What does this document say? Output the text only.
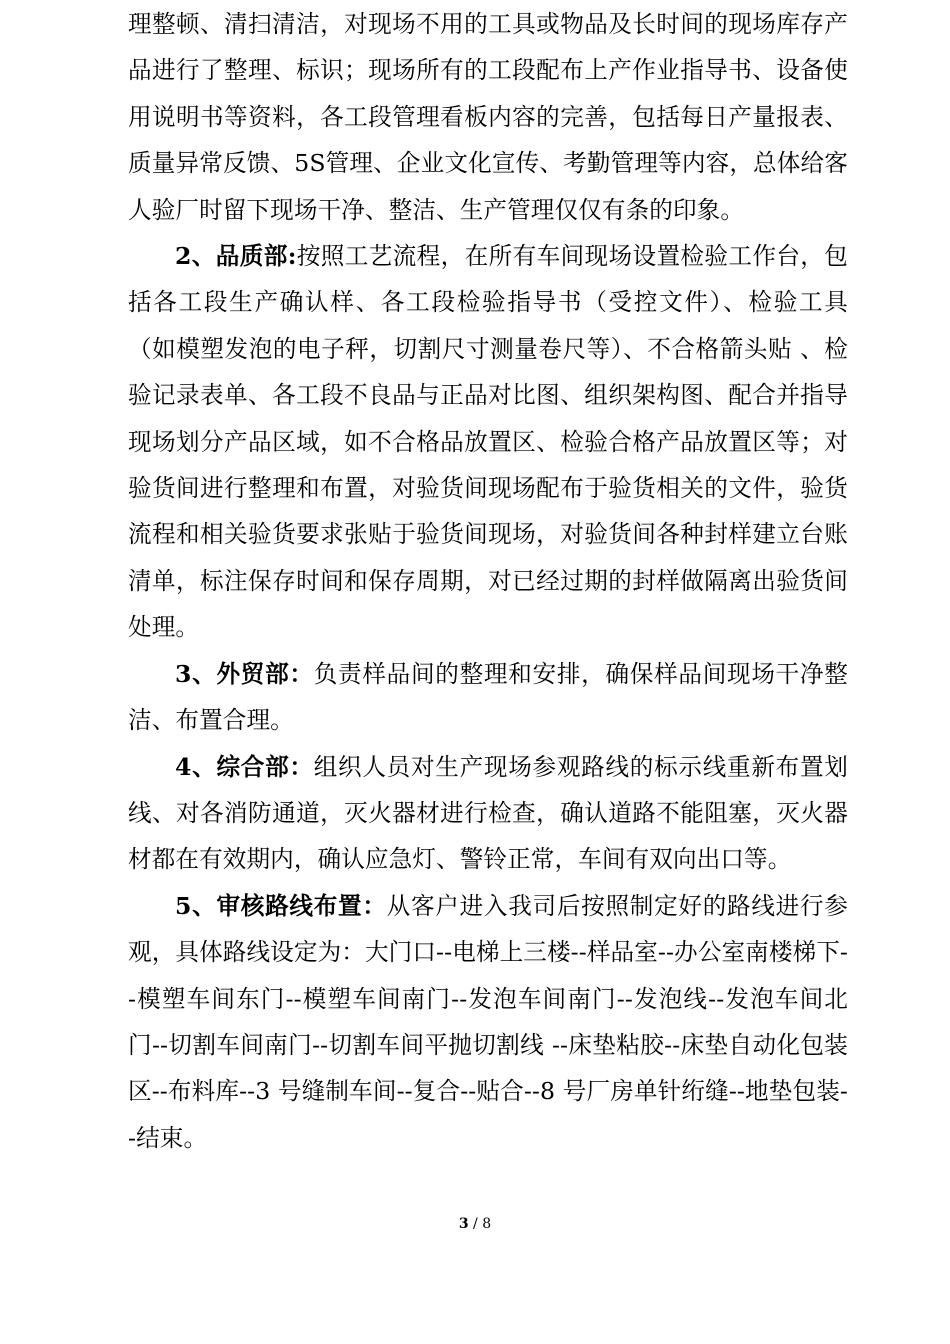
理整顿、清扫清洁，对现场不用的工具或物品及长时间的现场库存产品进行了整理、标识；现场所有的工段配布上产作业指导书、设备使用说明书等资料，各工段管理看板内容的完善，包括每日产量报表、质量异常反馈、5S管理、企业文化宣传、考勤管理等内容，总体给客人验厂时留下现场干净、整洁、生产管理仅仅有条的印象。

2、品质部:按照工艺流程，在所有车间现场设置检验工作台，包括各工段生产确认样、各工段检验指导书（受控文件）、检验工具（如模塑发泡的电子秤，切割尺寸测量卷尺等）、不合格箭头贴 、检验记录表单、各工段不良品与正品对比图、组织架构图、配合并指导现场划分产品区域，如不合格品放置区、检验合格产品放置区等；对验货间进行整理和布置，对验货间现场配布于验货相关的文件，验货流程和相关验货要求张贴于验货间现场，对验货间各种封样建立台账清单，标注保存时间和保存周期，对已经过期的封样做隔离出验货间处理。

3、外贸部：负责样品间的整理和安排，确保样品间现场干净整洁、布置合理。

4、综合部：组织人员对生产现场参观路线的标示线重新布置划线、对各消防通道，灭火器材进行检查，确认道路不能阻塞，灭火器材都在有效期内，确认应急灯、警铃正常，车间有双向出口等。

5、审核路线布置：从客户进入我司后按照制定好的路线进行参观，具体路线设定为：大门口--电梯上三楼--样品室--办公室南楼梯下--模塑车间东门--模塑车间南门--发泡车间南门--发泡线--发泡车间北门--切割车间南门--切割车间平抛切割线 --床垫粘胶--床垫自动化包装区--布料库--3 号缝制车间--复合--贴合--8 号厂房单针绗缝--地垫包装--结束。

3 / 8
